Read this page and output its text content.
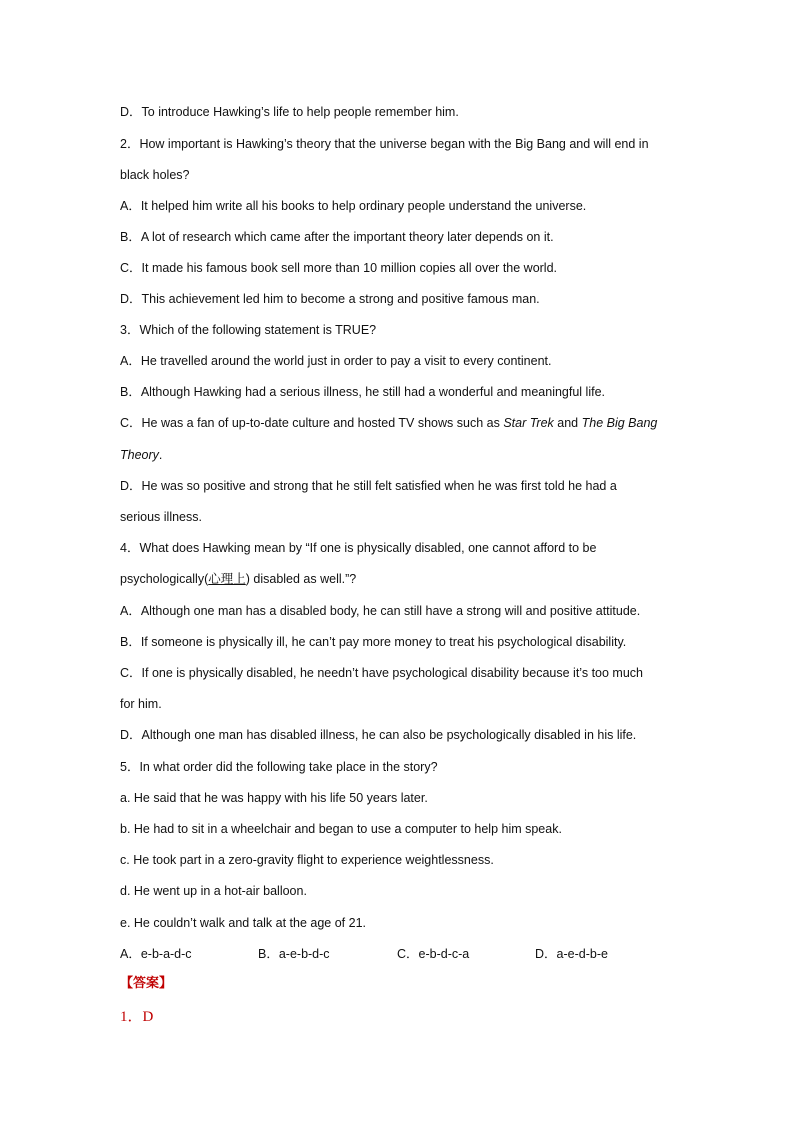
D．To introduce Hawking’s life to help people remember him.
2．How important is Hawking’s theory that the universe began with the Big Bang and will end in
black holes?
A．It helped him write all his books to help ordinary people understand the universe.
B．A lot of research which came after the important theory later depends on it.
C．It made his famous book sell more than 10 million copies all over the world.
D．This achievement led him to become a strong and positive famous man.
3．Which of the following statement is TRUE?
A．He travelled around the world just in order to pay a visit to every continent.
B．Although Hawking had a serious illness, he still had a wonderful and meaningful life.
C．He was a fan of up-to-date culture and hosted TV shows such as Star Trek and The Big Bang
Theory.
D．He was so positive and strong that he still felt satisfied when he was first told he had a
serious illness.
4．What does Hawking mean by “If one is physically disabled, one cannot afford to be
psychologically(心理上) disabled as well.”?
A．Although one man has a disabled body, he can still have a strong will and positive attitude.
B．If someone is physically ill, he can’t pay more money to treat his psychological disability.
C．If one is physically disabled, he needn’t have psychological disability because it’s too much
for him.
D．Although one man has disabled illness, he can also be psychologically disabled in his life.
5．In what order did the following take place in the story?
a. He said that he was happy with his life 50 years later.
b. He had to sit in a wheelchair and began to use a computer to help him speak.
c. He took part in a zero-gravity flight to experience weightlessness.
d. He went up in a hot-air balloon.
e. He couldn’t walk and talk at the age of 21.
A．e-b-a-d-c	B．a-e-b-d-c	C．e-b-d-c-a	D．a-e-d-b-e
【答案】
1．D
